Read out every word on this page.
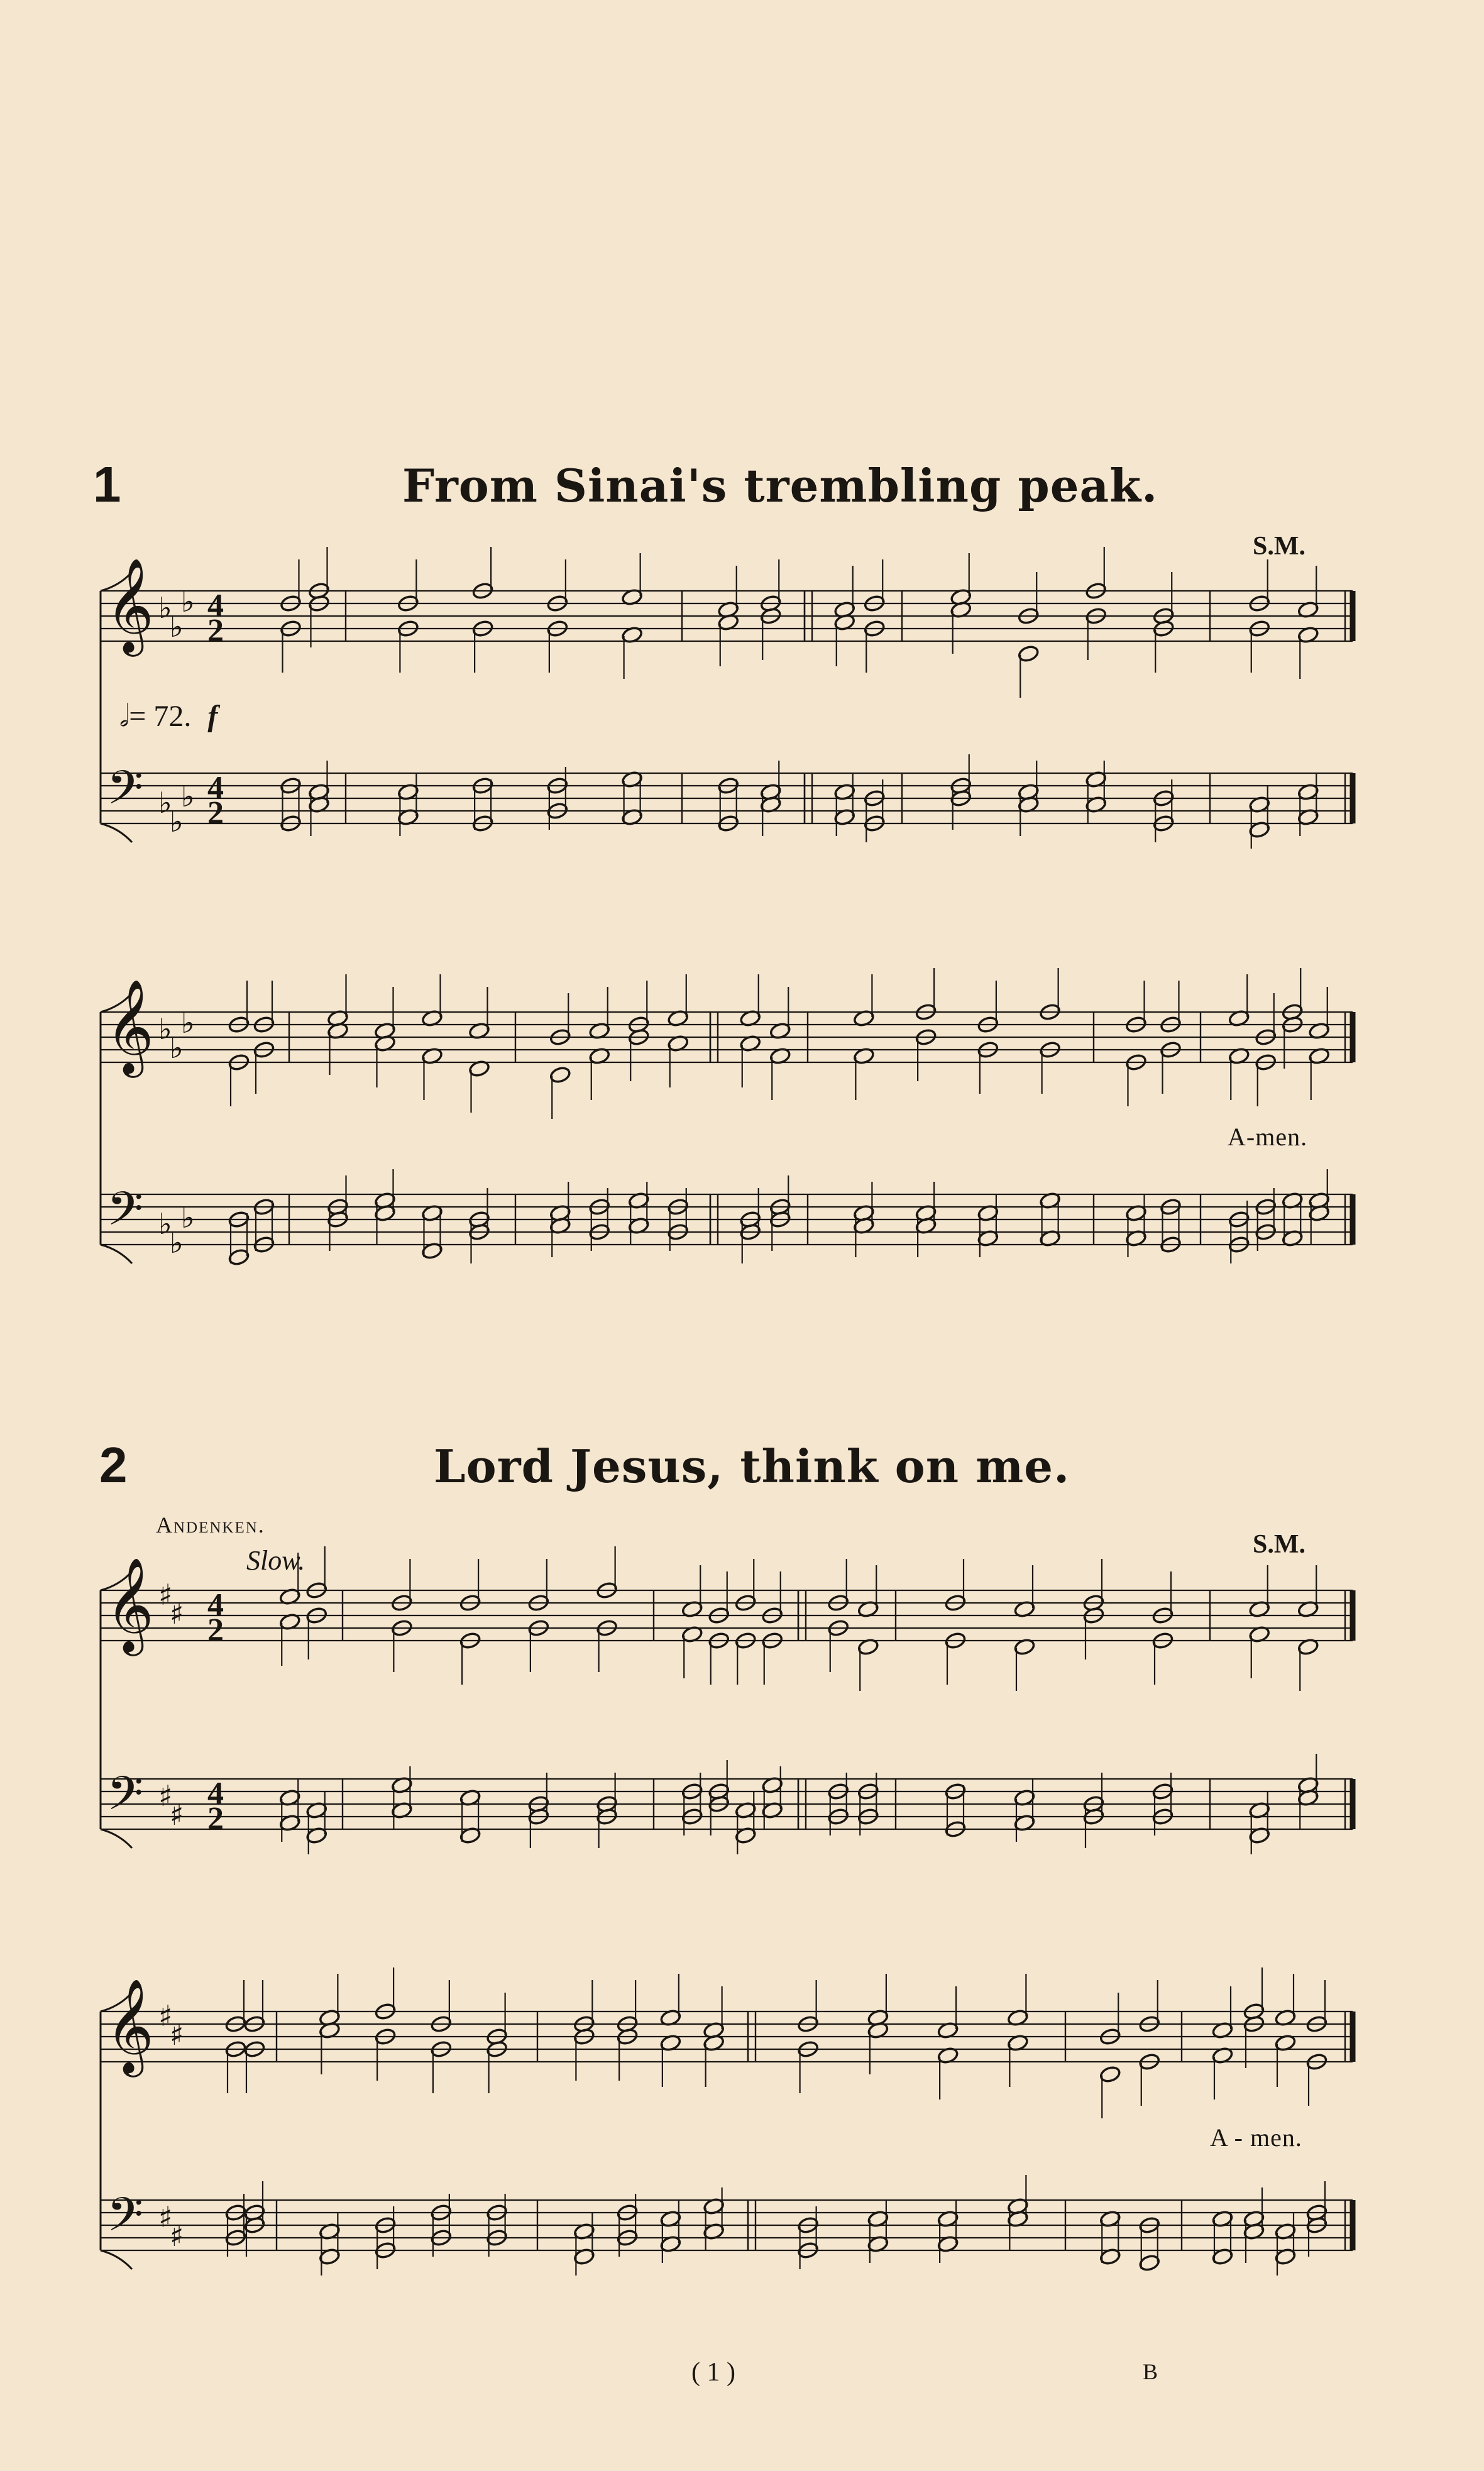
1	From Sinai's trembling peak.
S.M.
𝅗𝅥= 72. f
A-men.
2	Lord Jesus, think on me.
Andenken.
Slow.
S.M.
A - men.
( 1 )	B
𝄞
𝄢
♭
♭
♭
♭
♭
♭
4
2
4
2
𝄞
𝄢
♭
♭
♭
♭
♭
♭
𝄞
𝄢
♯
♯
♯
♯
4
2
4
2
𝄞
𝄢
♯
♯
♯
♯
